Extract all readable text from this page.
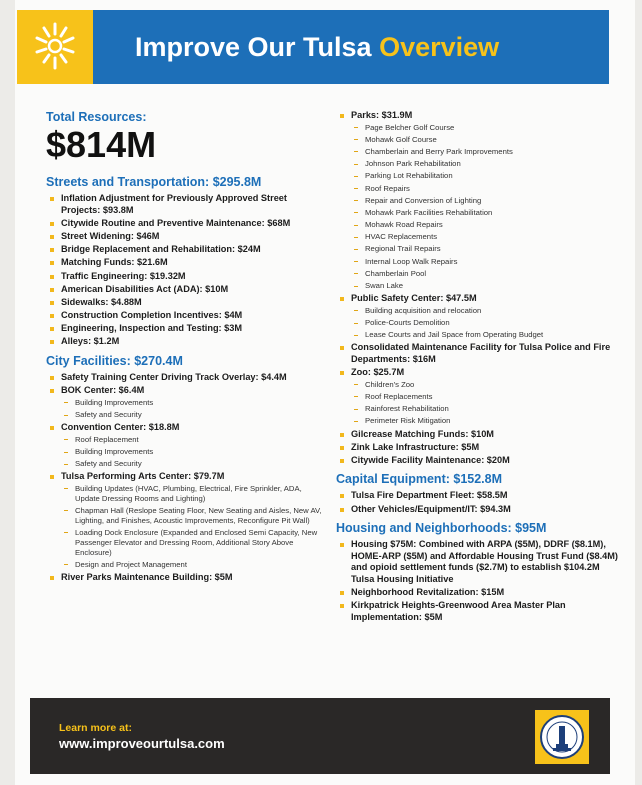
Improve Our Tulsa Overview
Total Resources:
$814M
Streets and Transportation: $295.8M
Inflation Adjustment for Previously Approved Street Projects: $93.8M
Citywide Routine and Preventive Maintenance: $68M
Street Widening: $46M
Bridge Replacement and Rehabilitation: $24M
Matching Funds: $21.6M
Traffic Engineering: $19.32M
American Disabilities Act (ADA): $10M
Sidewalks: $4.88M
Construction Completion Incentives: $4M
Engineering, Inspection and Testing: $3M
Alleys: $1.2M
City Facilities: $270.4M
Safety Training Center Driving Track Overlay: $4.4M
BOK Center: $6.4M
Building Improvements
Safety and Security
Convention Center: $18.8M
Roof Replacement
Building Improvements
Safety and Security
Tulsa Performing Arts Center: $79.7M
Building Updates (HVAC, Plumbing, Electrical, Fire Sprinkler, ADA, Update Dressing Rooms and Lighting)
Chapman Hall (Reslope Seating Floor, New Seating and Aisles, New AV, Lighting, and Finishes, Acoustic Improvements, Reconfigure Pit Wall)
Loading Dock Enclosure (Expanded and Enclosed Semi Capacity, New Passenger Elevator and Dressing Room, Additional Story Above Enclosure)
Design and Project Management
River Parks Maintenance Building: $5M
Parks: $31.9M
Page Belcher Golf Course
Mohawk Golf Course
Chamberlain and Berry Park Improvements
Johnson Park Rehabilitation
Parking Lot Rehabilitation
Roof Repairs
Repair and Conversion of Lighting
Mohawk Park Facilities Rehabilitation
Mohawk Road Repairs
HVAC Replacements
Regional Trail Repairs
Internal Loop Walk Repairs
Chamberlain Pool
Swan Lake
Public Safety Center: $47.5M
Building acquisition and relocation
Police-Courts Demolition
Lease Courts and Jail Space from Operating Budget
Consolidated Maintenance Facility for Tulsa Police and Fire Departments: $16M
Zoo: $25.7M
Children's Zoo
Roof Replacements
Rainforest Rehabilitation
Perimeter Risk Mitigation
Gilcrease Matching Funds: $10M
Zink Lake Infrastructure: $5M
Citywide Facility Maintenance: $20M
Capital Equipment: $152.8M
Tulsa Fire Department Fleet: $58.5M
Other Vehicles/Equipment/IT: $94.3M
Housing and Neighborhoods: $95M
Housing $75M: Combined with ARPA ($5M), DDRF ($8.1M), HOME-ARP ($5M) and Affordable Housing Trust Fund ($8.4M) and opioid settlement funds ($2.7M) to establish $104.2M Tulsa Housing Initiative
Neighborhood Revitalization: $15M
Kirkpatrick Heights-Greenwood Area Master Plan Implementation: $5M
Learn more at:
www.improveourtulsa.com
